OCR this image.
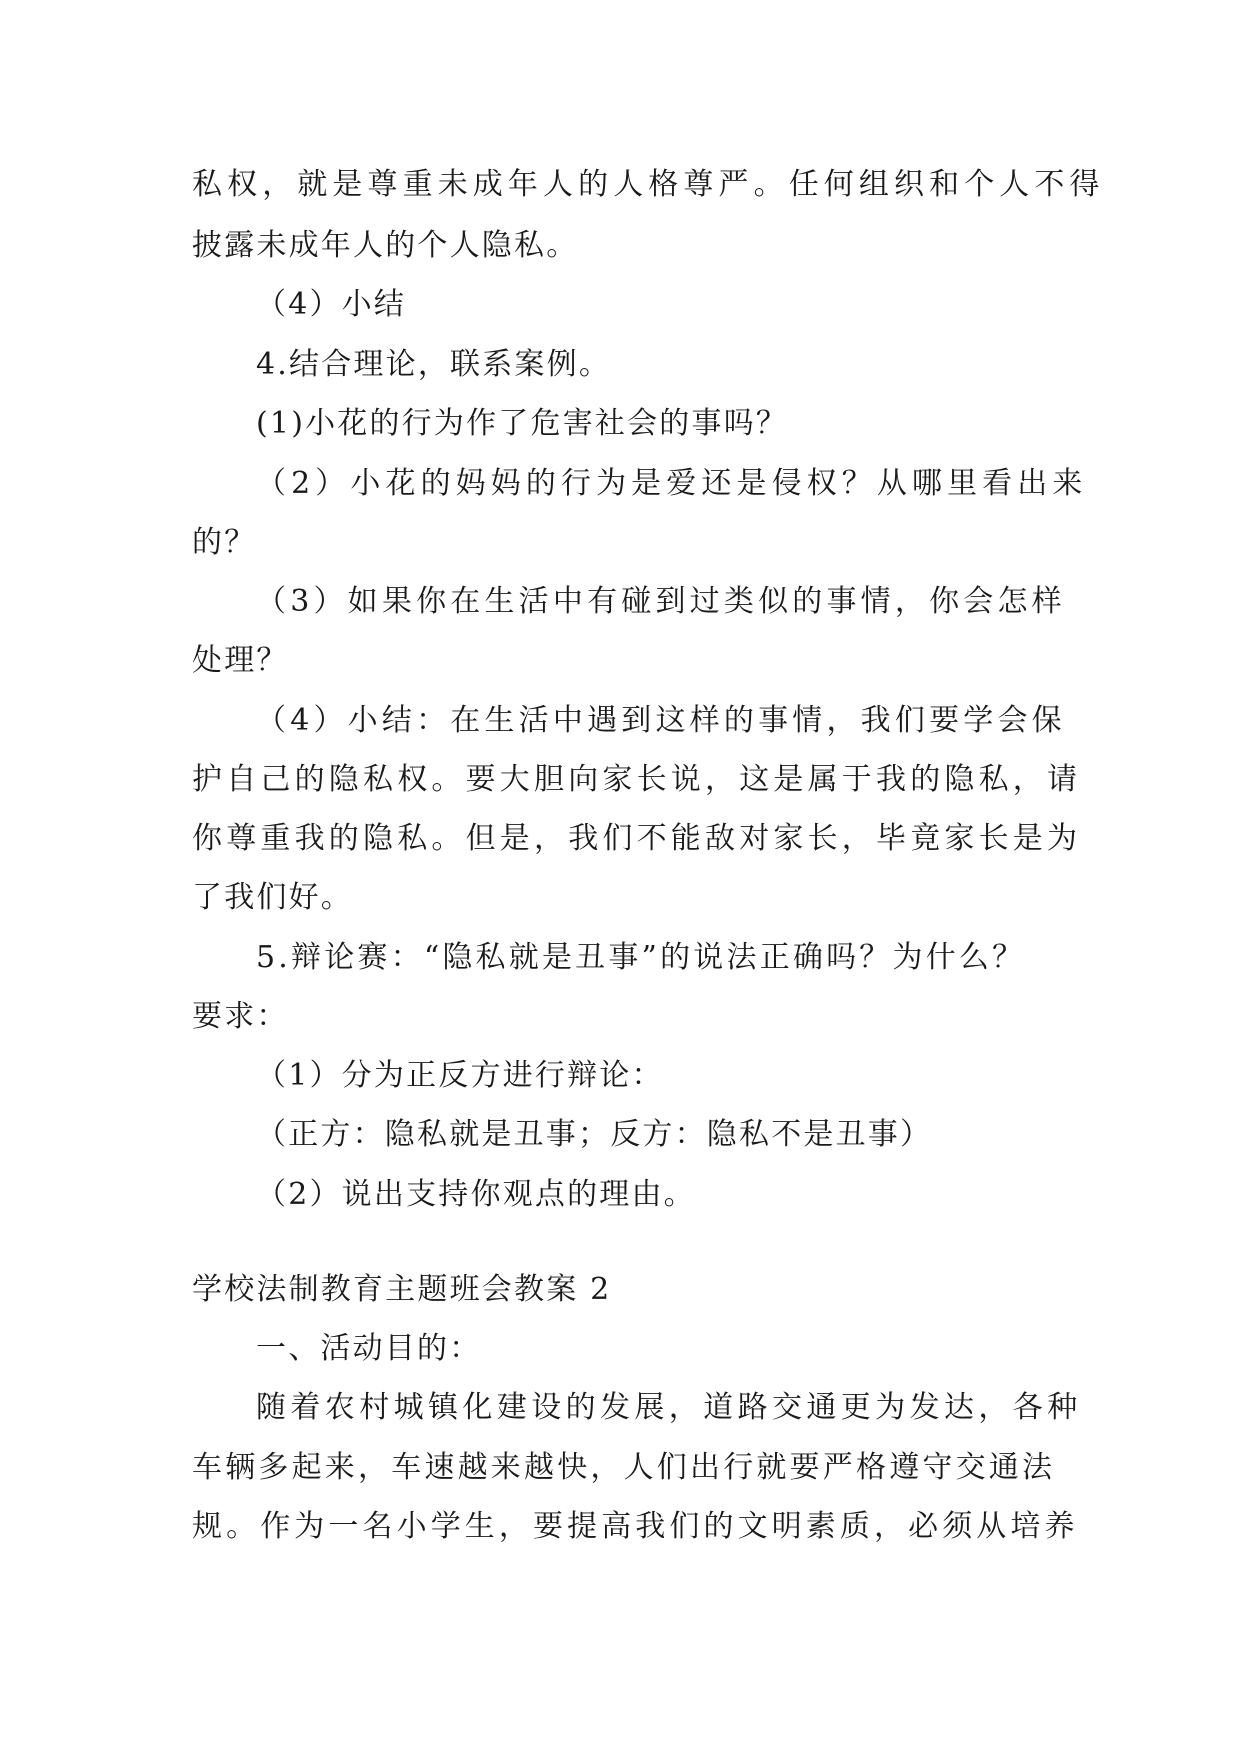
私权，就是尊重未成年人的人格尊严。任何组织和个人不得
披露未成年人的个人隐私。
（4）小结
4.结合理论，联系案例。
(1)小花的行为作了危害社会的事吗？
（2）小花的妈妈的行为是爱还是侵权？从哪里看出来
的？
（3）如果你在生活中有碰到过类似的事情，你会怎样
处理？
（4）小结：在生活中遇到这样的事情，我们要学会保
护自己的隐私权。要大胆向家长说，这是属于我的隐私，请
你尊重我的隐私。但是，我们不能敌对家长，毕竟家长是为
了我们好。
5.辩论赛：“隐私就是丑事”的说法正确吗？为什么？
要求：
（1）分为正反方进行辩论：
（正方：隐私就是丑事；反方：隐私不是丑事）
（2）说出支持你观点的理由。
学校法制教育主题班会教案 2
一、活动目的：
随着农村城镇化建设的发展，道路交通更为发达，各种
车辆多起来，车速越来越快，人们出行就要严格遵守交通法
规。作为一名小学生，要提高我们的文明素质，必须从培养
